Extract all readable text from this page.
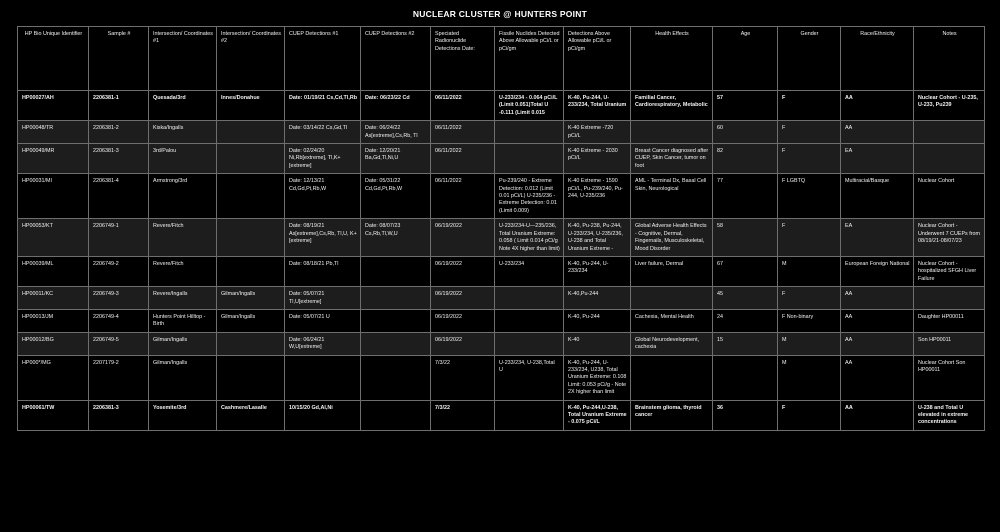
NUCLEAR CLUSTER @ HUNTERS POINT
HP Bio Unique Identifier	Sample #	Intersection/ Coordinates #1	Intersection/ Coordinates #2	CUEP Detections #1	CUEP Detections #2	Speciated Radionuclide Detections Date:	Fissile Nuclides Detected Above Allowable pCi/L or pCi/gm	Detections Above Allowable pCi/L or pCi/gm	Health Effects	Age	Gender	Race/Ethnicity	Notes
HP00027/AH	2206381-1	Quesada/3rd	Innes/Donahue	Date: 01/19/21 Cs,Cd,Tl,Rb	Date: 06/23/22 Cd	06/11/2022	U-233/234 - 0.064 pCi/L (Limit 0.051)Total U -0.111 (Limit 0.015	K-40, Pu-244, U-233/234, Total Uranium	Familial Cancer, Cardiorespiratory, Metabolic	57	F	AA	Nuclear Cohort - U-235, U-233, Pu239
HP00048/TR	2206381-2	Kiska/Ingalls		Date: 03/14/22 Cs,Gd,Tl	Date: 06/24/22 As[extreme],Cs,Rb, Tl	06/11/2022		K-40 Extreme -720 pCi/L		60	F	AA	
HP00049/MR	2206381-3	3rd/Palou		Date: 02/24/20 Ni,Rb[extreme], Tl,K+[extreme]	Date: 12/20/21 Ba,Gd,Tl,Ni,U	06/11/2022		K-40 Extreme - 2030 pCi/L	Breast Cancer diagnosed after CUEP, Skin Cancer, tumor on foot	82	F	EA	
HP00031/MI	2206381-4	Armstrong/3rd		Date: 12/13/21 Cd,Gd,Pt,Rb,W	Date: 05/31/22 Cd,Gd,Pt,Rb,W	06/11/2022	Pu-239/240 - Extreme Detection: 0.012 (Limit 0.01 pCi/L) U-235/236 - Extreme Detection: 0.01 (Limit 0.009)	K-40 Extreme - 1590 pCi/L, Pu-239/240, Pu-244, U-235/236	AML - Terminal Dx, Basal Cell Skin, Neurological	77	F LGBTQ	Multiracial/Basque	Nuclear Cohort
HP00053/KT	2206749-1	Revere/Fitch		Date: 08/19/21 As[extreme],Cs,Rb, Tl,U, K+[extreme]	Date: 08/07/23 Cs,Rb,Tl,W,U	06/19/2022	U-233/234-U—235/236, Total Uranium Extreme: 0.058 ( Limit 0.014 pCi/g Note 4X higher than limit)	K-40, Pu-238, Pu-244, U-233/234, U-235/236, U-238 and Total Uranium Extreme -	Global Adverse Health Effects - Cognitive, Dermal, Fingernails, Musculoskeletal, Mood Disorder	58	F	EA	Nuclear Cohort - Underwent 7 CUEPs from 08/19/21-08/07/23
HP00039/ML	2206749-2	Revere/Fitch		Date: 08/18/21 Pb,Tl		06/19/2022	U-233/234	K-40, Pu-244, U-233/234	Liver failure, Dermal	67	M	European Foreign National	Nuclear Cohort - hospitalized SFGH Liver Failure
HP00011/KC	2206749-3	Revere/Ingalls	Gilman/Ingalls	Date: 05/07/21 Tl,U[extreme]		06/19/2022		K-40,Pu-244		45	F	AA	
HP00013/JM	2206749-4	Hunters Point Hilltop - Birth	Gilman/Ingalls	Date: 05/07/21 U		06/19/2022		K-40, Pu-244	Cachexia, Mental Health	24	F Non-binary	AA	Daughter HP00011
HP00012/BG	2206749-5	Gilman/Ingalls		Date: 06/24/21 W,U[extreme]		06/19/2022		K-40	Global Neurodevelopment, cachexia	15	M	AA	Son HP00011
HP000*/MG	2207179-2	Gilman/Ingalls				7/3/22	U-233/234, U-238,Total U	K-40, Pu-244, U-233/234, U238, Total Uranium Extreme: 0.108 Limit: 0.053 pCi/g - Note 2X higher than limit			M	AA	Nuclear Cohort Son HP00011
HP00061/TW	2206381-3	Yosemite/3rd	Cashmere/Lasalle	10/15/20 Gd,Al,Ni		7/3/22		K-40, Pu-244,U-238, Total Uranium Extreme - 0.075 pCi/L	Brainstem glioma, thyroid cancer	36	F	AA	U-238 and Total U elevated in extreme concentrations
